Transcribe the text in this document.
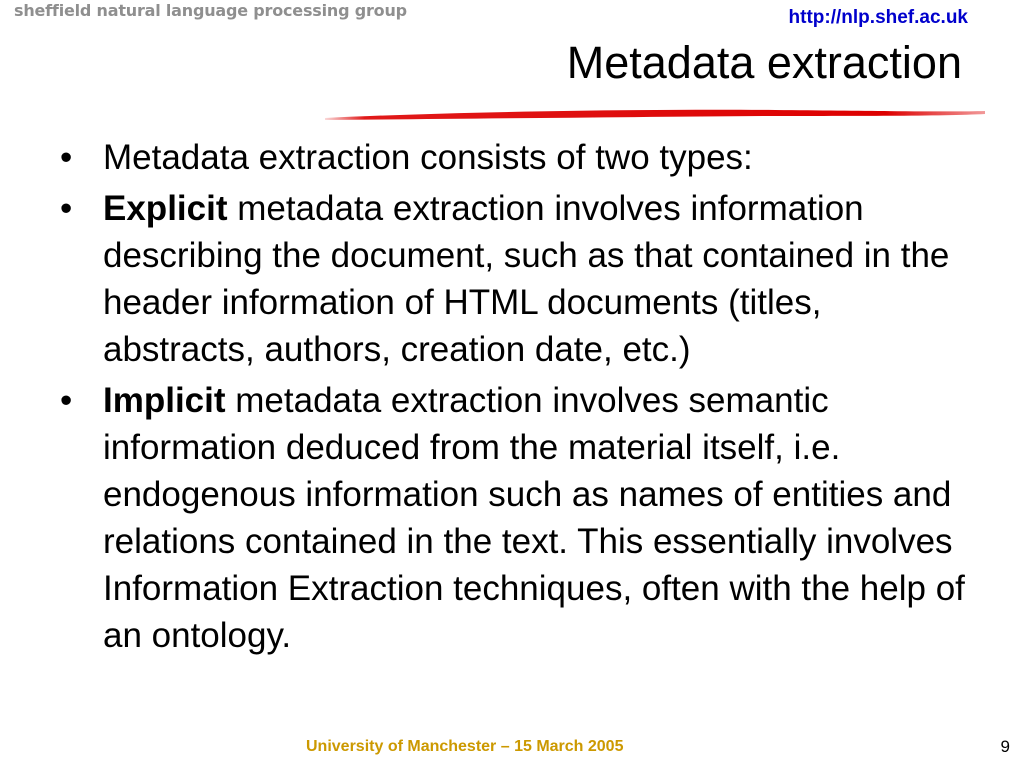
sheffield natural language processing group	http://nlp.shef.ac.uk
Metadata extraction
• Metadata extraction consists of two types:
• Explicit metadata extraction involves information describing the document, such as that contained in the header information of HTML documents (titles, abstracts, authors, creation date, etc.)
• Implicit metadata extraction involves semantic information deduced from the material itself, i.e. endogenous information such as names of entities and relations contained in the text. This essentially involves Information Extraction techniques, often with the help of an ontology.
University of Manchester – 15 March 2005	9
